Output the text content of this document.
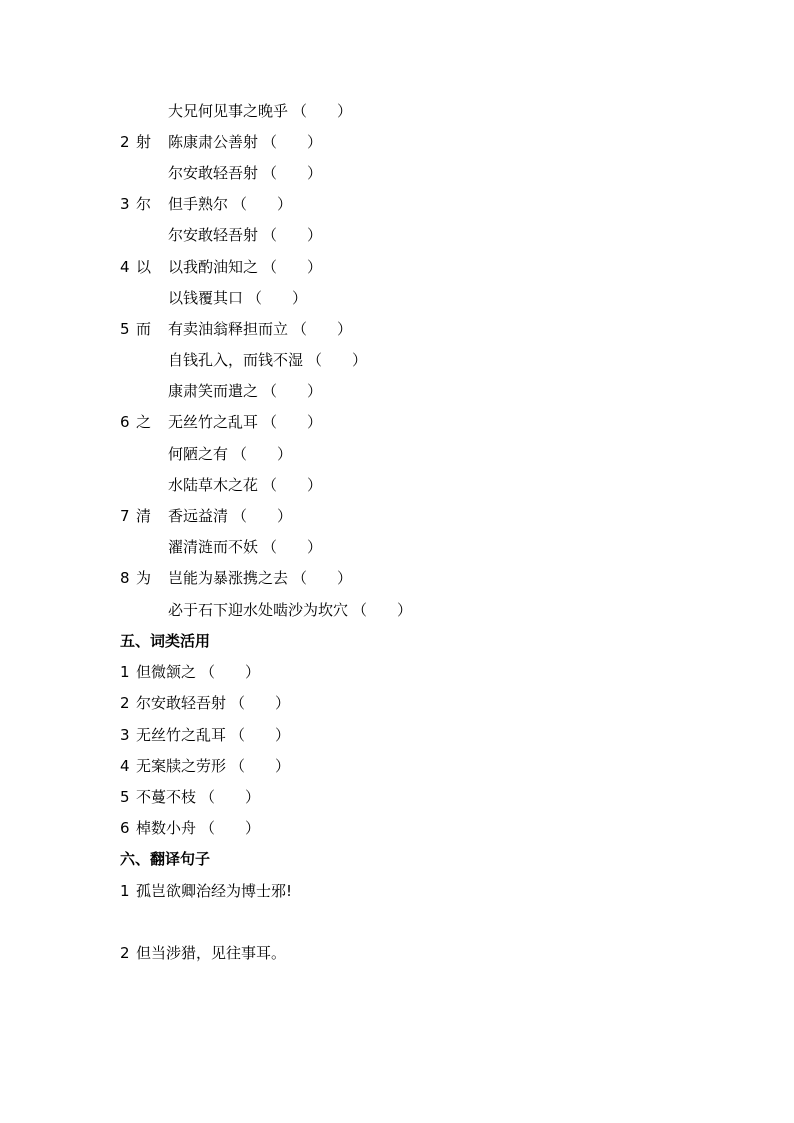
大兄何见事之晚乎 （　　）
2 射	陈康肃公善射 （　　）
尔安敢轻吾射 （　　）
3 尔	但手熟尔 （　　）
尔安敢轻吾射 （　　）
4 以	以我酌油知之 （　　）
以钱覆其口 （　　）
5 而	有卖油翁释担而立 （　　）
自钱孔入，而钱不湿 （　　）
康肃笑而遣之 （　　）
6 之	无丝竹之乱耳 （　　）
何陋之有 （　　）
水陆草木之花 （　　）
7 清	香远益清 （　　）
濯清涟而不妖 （　　）
8 为	岂能为暴涨携之去 （　　）
必于石下迎水处啮沙为坎穴 （　　）
五、词类活用
1 但微颔之 （　　）
2 尔安敢轻吾射 （　　）
3 无丝竹之乱耳 （　　）
4 无案牍之劳形 （　　）
5 不蔓不枝 （　　）
6 棹数小舟 （　　）
六、翻译句子
1 孤岂欲卿治经为博士邪!
2 但当涉猎，见往事耳。
